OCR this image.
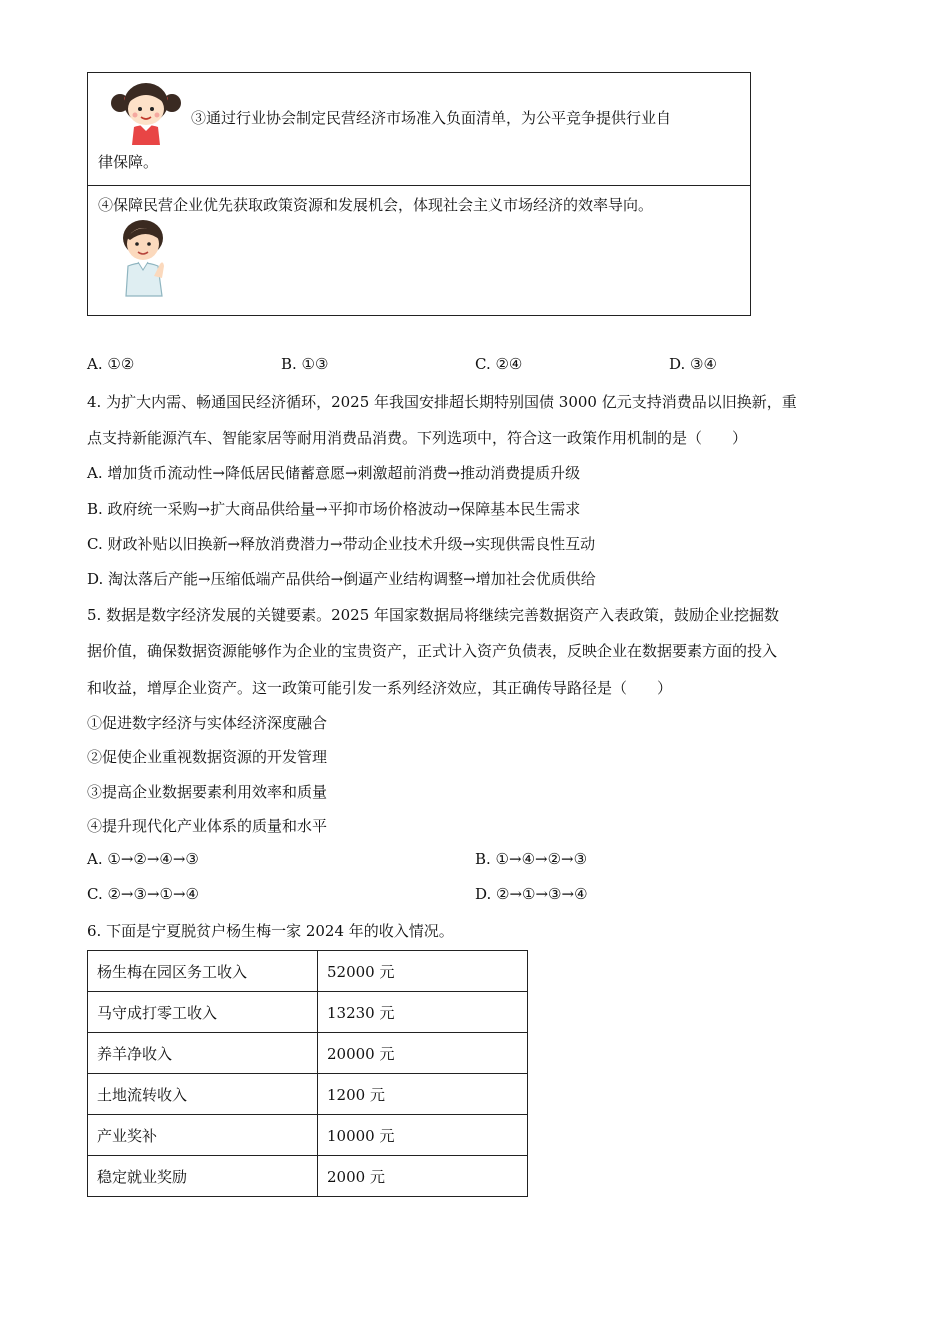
③通过行业协会制定民营经济市场准入负面清单，为公平竞争提供行业自
律保障。
④保障民营企业优先获取政策资源和发展机会，体现社会主义市场经济的效率导向。
A. ①②	B. ①③	C. ②④	D. ③④
4. 为扩大内需、畅通国民经济循环，2025 年我国安排超长期特别国债 3000 亿元支持消费品以旧换新，重
点支持新能源汽车、智能家居等耐用消费品消费。下列选项中，符合这一政策作用机制的是（　　）
A. 增加货币流动性→降低居民储蓄意愿→刺激超前消费→推动消费提质升级
B. 政府统一采购→扩大商品供给量→平抑市场价格波动→保障基本民生需求
C. 财政补贴以旧换新→释放消费潜力→带动企业技术升级→实现供需良性互动
D. 淘汰落后产能→压缩低端产品供给→倒逼产业结构调整→增加社会优质供给
5. 数据是数字经济发展的关键要素。2025 年国家数据局将继续完善数据资产入表政策，鼓励企业挖掘数
据价值，确保数据资源能够作为企业的宝贵资产，正式计入资产负债表，反映企业在数据要素方面的投入
和收益，增厚企业资产。这一政策可能引发一系列经济效应，其正确传导路径是（　　）
①促进数字经济与实体经济深度融合
②促使企业重视数据资源的开发管理
③提高企业数据要素利用效率和质量
④提升现代化产业体系的质量和水平
A. ①→②→④→③	B. ①→④→②→③
C. ②→③→①→④	D. ②→①→③→④
6. 下面是宁夏脱贫户杨生梅一家 2024 年的收入情况。
杨生梅在园区务工收入	52000 元
马守成打零工收入	13230 元
养羊净收入	20000 元
土地流转收入	1200 元
产业奖补	10000 元
稳定就业奖励	2000 元
